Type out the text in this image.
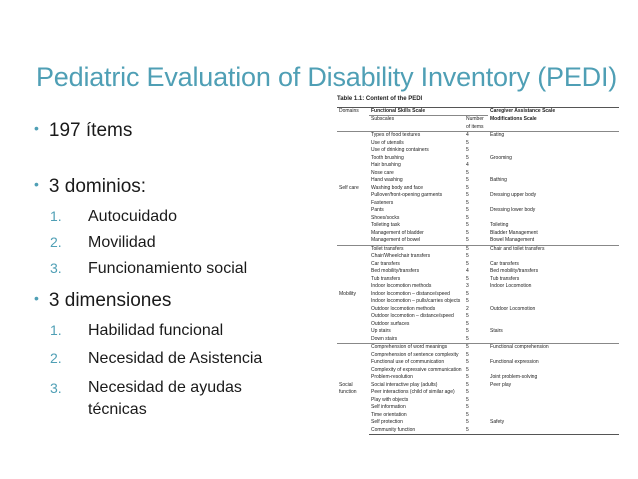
Pediatric Evaluation of Disability Inventory (PEDI)
• 197 ítems
• 3 dominios:
1. Autocuidado
2. Movilidad
3. Funcionamiento social
• 3 dimensiones
1. Habilidad funcional
2. Necesidad de Asistencia
3. Necesidad de ayudas técnicas
Table 1.1: Content of the PEDI
Domains	Functional Skills Scale		Caregiver Assistance Scale
	Subscales	Number of items	Modifications Scale
Self care	Types of food textures	4	Eating
	Use of utensils	5	
	Use of drinking containers	5	
	Tooth brushing	5	Grooming
	Hair brushing	4	
	Nose care	5	
	Hand washing	5	Bathing
	Washing body and face	5	
	Pullover/front-opening garments	5	Dressing upper body
	Fasteners	5	
	Pants	5	Dressing lower body
	Shoes/socks	5	
	Toileting task	5	Toileting
	Management of bladder	5	Bladder Management
	Management of bowel	5	Bowel Management
Mobility	Toilet transfers	5	Chair and toilet transfers
	Chair/Wheelchair transfers	5	
	Car transfers	5	Car transfers
	Bed mobility/transfers	4	Bed mobility/transfers
	Tub transfers	5	Tub transfers
	Indoor locomotion methods	3	Indoor Locomotion
	Indoor locomotion – distance/speed	5	
	Indoor locomotion – pulls/carries objects	5	
	Outdoor locomotion methods	2	Outdoor Locomotion
	Outdoor locomotion – distance/speed	5	
	Outdoor surfaces	5	
	Up stairs	5	Stairs
	Down stairs	5	
Social function	Comprehension of word meanings	5	Functional comprehension
	Comprehension of sentence complexity	5	
	Functional use of communication	5	Functional expression
	Complexity of expressive communication	5	
	Problem-resolution	5	Joint problem-solving
	Social interactive play (adults)	5	Peer play
	Peer interactions (child of similar age)	5	
	Play with objects	5	
	Self information	5	
	Time orientation	5	
	Self protection	5	Safety
	Community function	5	
